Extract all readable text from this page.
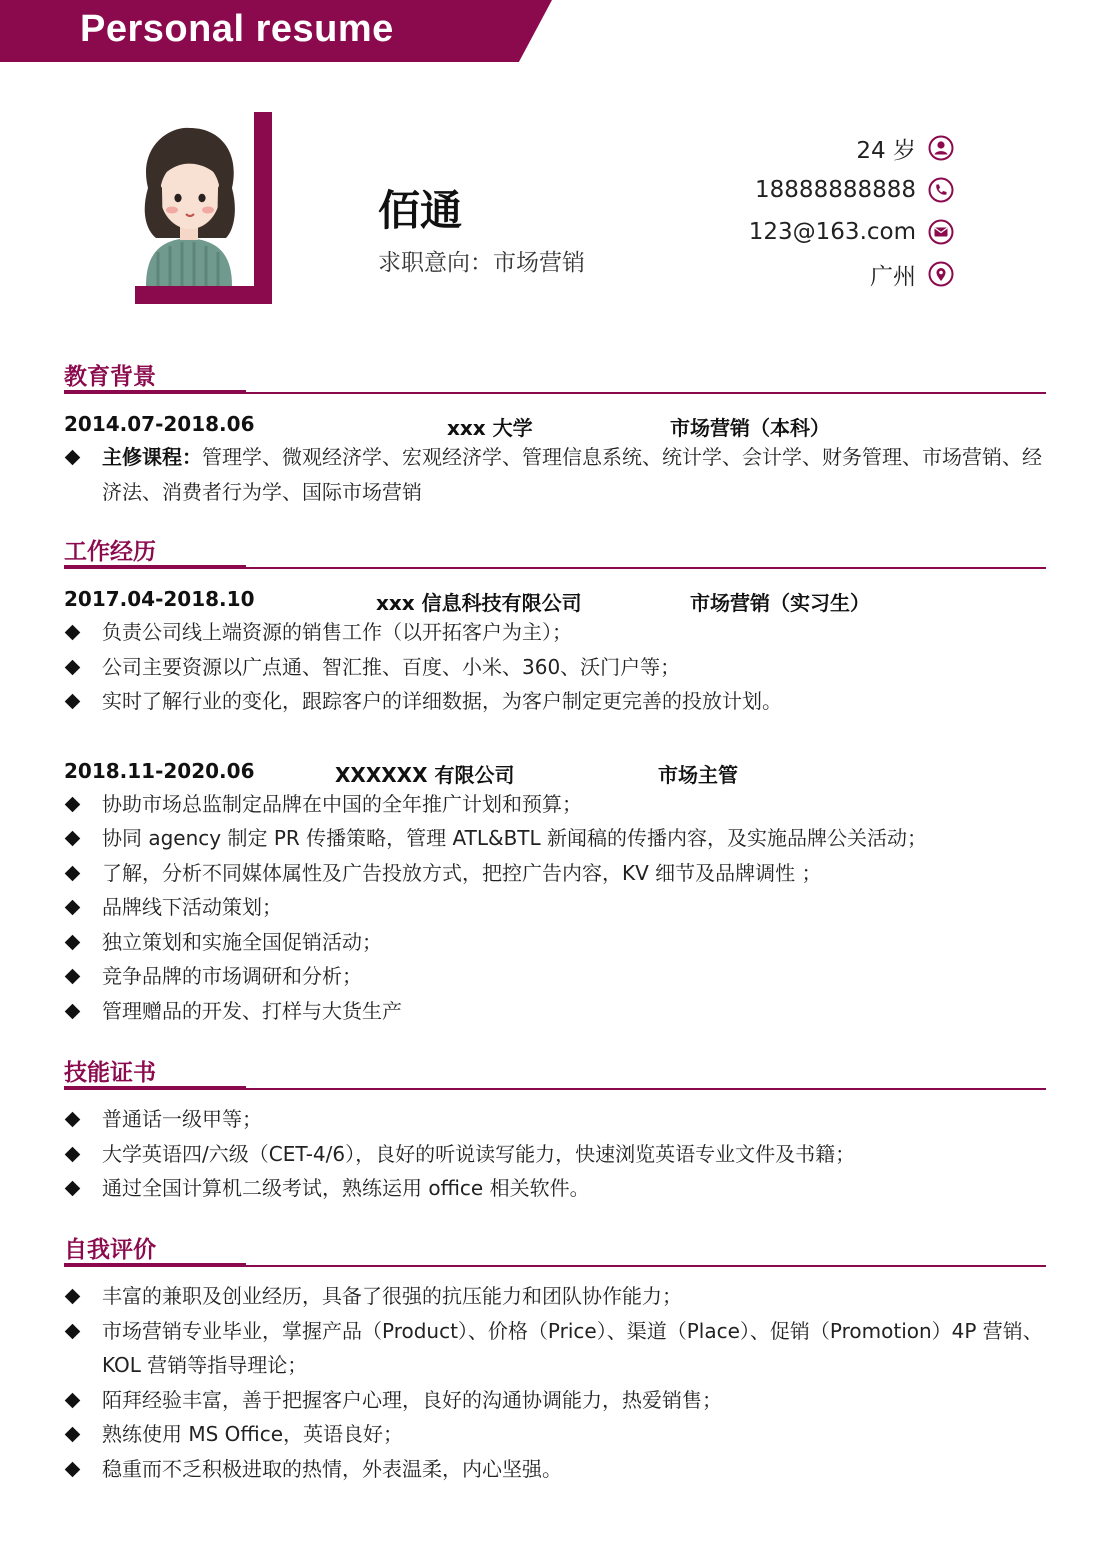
Personal resume
佰通
求职意向：市场营销
24 岁
18888888888
123@163.com
广州
教育背景
2014.07-2018.06	xxx 大学	市场营销（本科）
主修课程：管理学、微观经济学、宏观经济学、管理信息系统、统计学、会计学、财务管理、市场营销、经济法、消费者行为学、国际市场营销
工作经历
2017.04-2018.10	xxx 信息科技有限公司	市场营销（实习生）
负责公司线上端资源的销售工作（以开拓客户为主）；
公司主要资源以广点通、智汇推、百度、小米、360、沃门户等；
实时了解行业的变化，跟踪客户的详细数据，为客户制定更完善的投放计划。
2018.11-2020.06	XXXXXX 有限公司	市场主管
协助市场总监制定品牌在中国的全年推广计划和预算；
协同 agency 制定 PR 传播策略，管理 ATL&BTL 新闻稿的传播内容，及实施品牌公关活动；
了解，分析不同媒体属性及广告投放方式，把控广告内容，KV 细节及品牌调性 ；
品牌线下活动策划；
独立策划和实施全国促销活动；
竞争品牌的市场调研和分析；
管理赠品的开发、打样与大货生产
技能证书
普通话一级甲等；
大学英语四/六级（CET-4/6），良好的听说读写能力，快速浏览英语专业文件及书籍；
通过全国计算机二级考试，熟练运用 office 相关软件。
自我评价
丰富的兼职及创业经历，具备了很强的抗压能力和团队协作能力；
市场营销专业毕业，掌握产品（Product）、价格（Price）、渠道（Place）、促销（Promotion）4P 营销、KOL 营销等指导理论；
陌拜经验丰富，善于把握客户心理，良好的沟通协调能力，热爱销售；
熟练使用 MS Office，英语良好；
稳重而不乏积极进取的热情，外表温柔，内心坚强。
